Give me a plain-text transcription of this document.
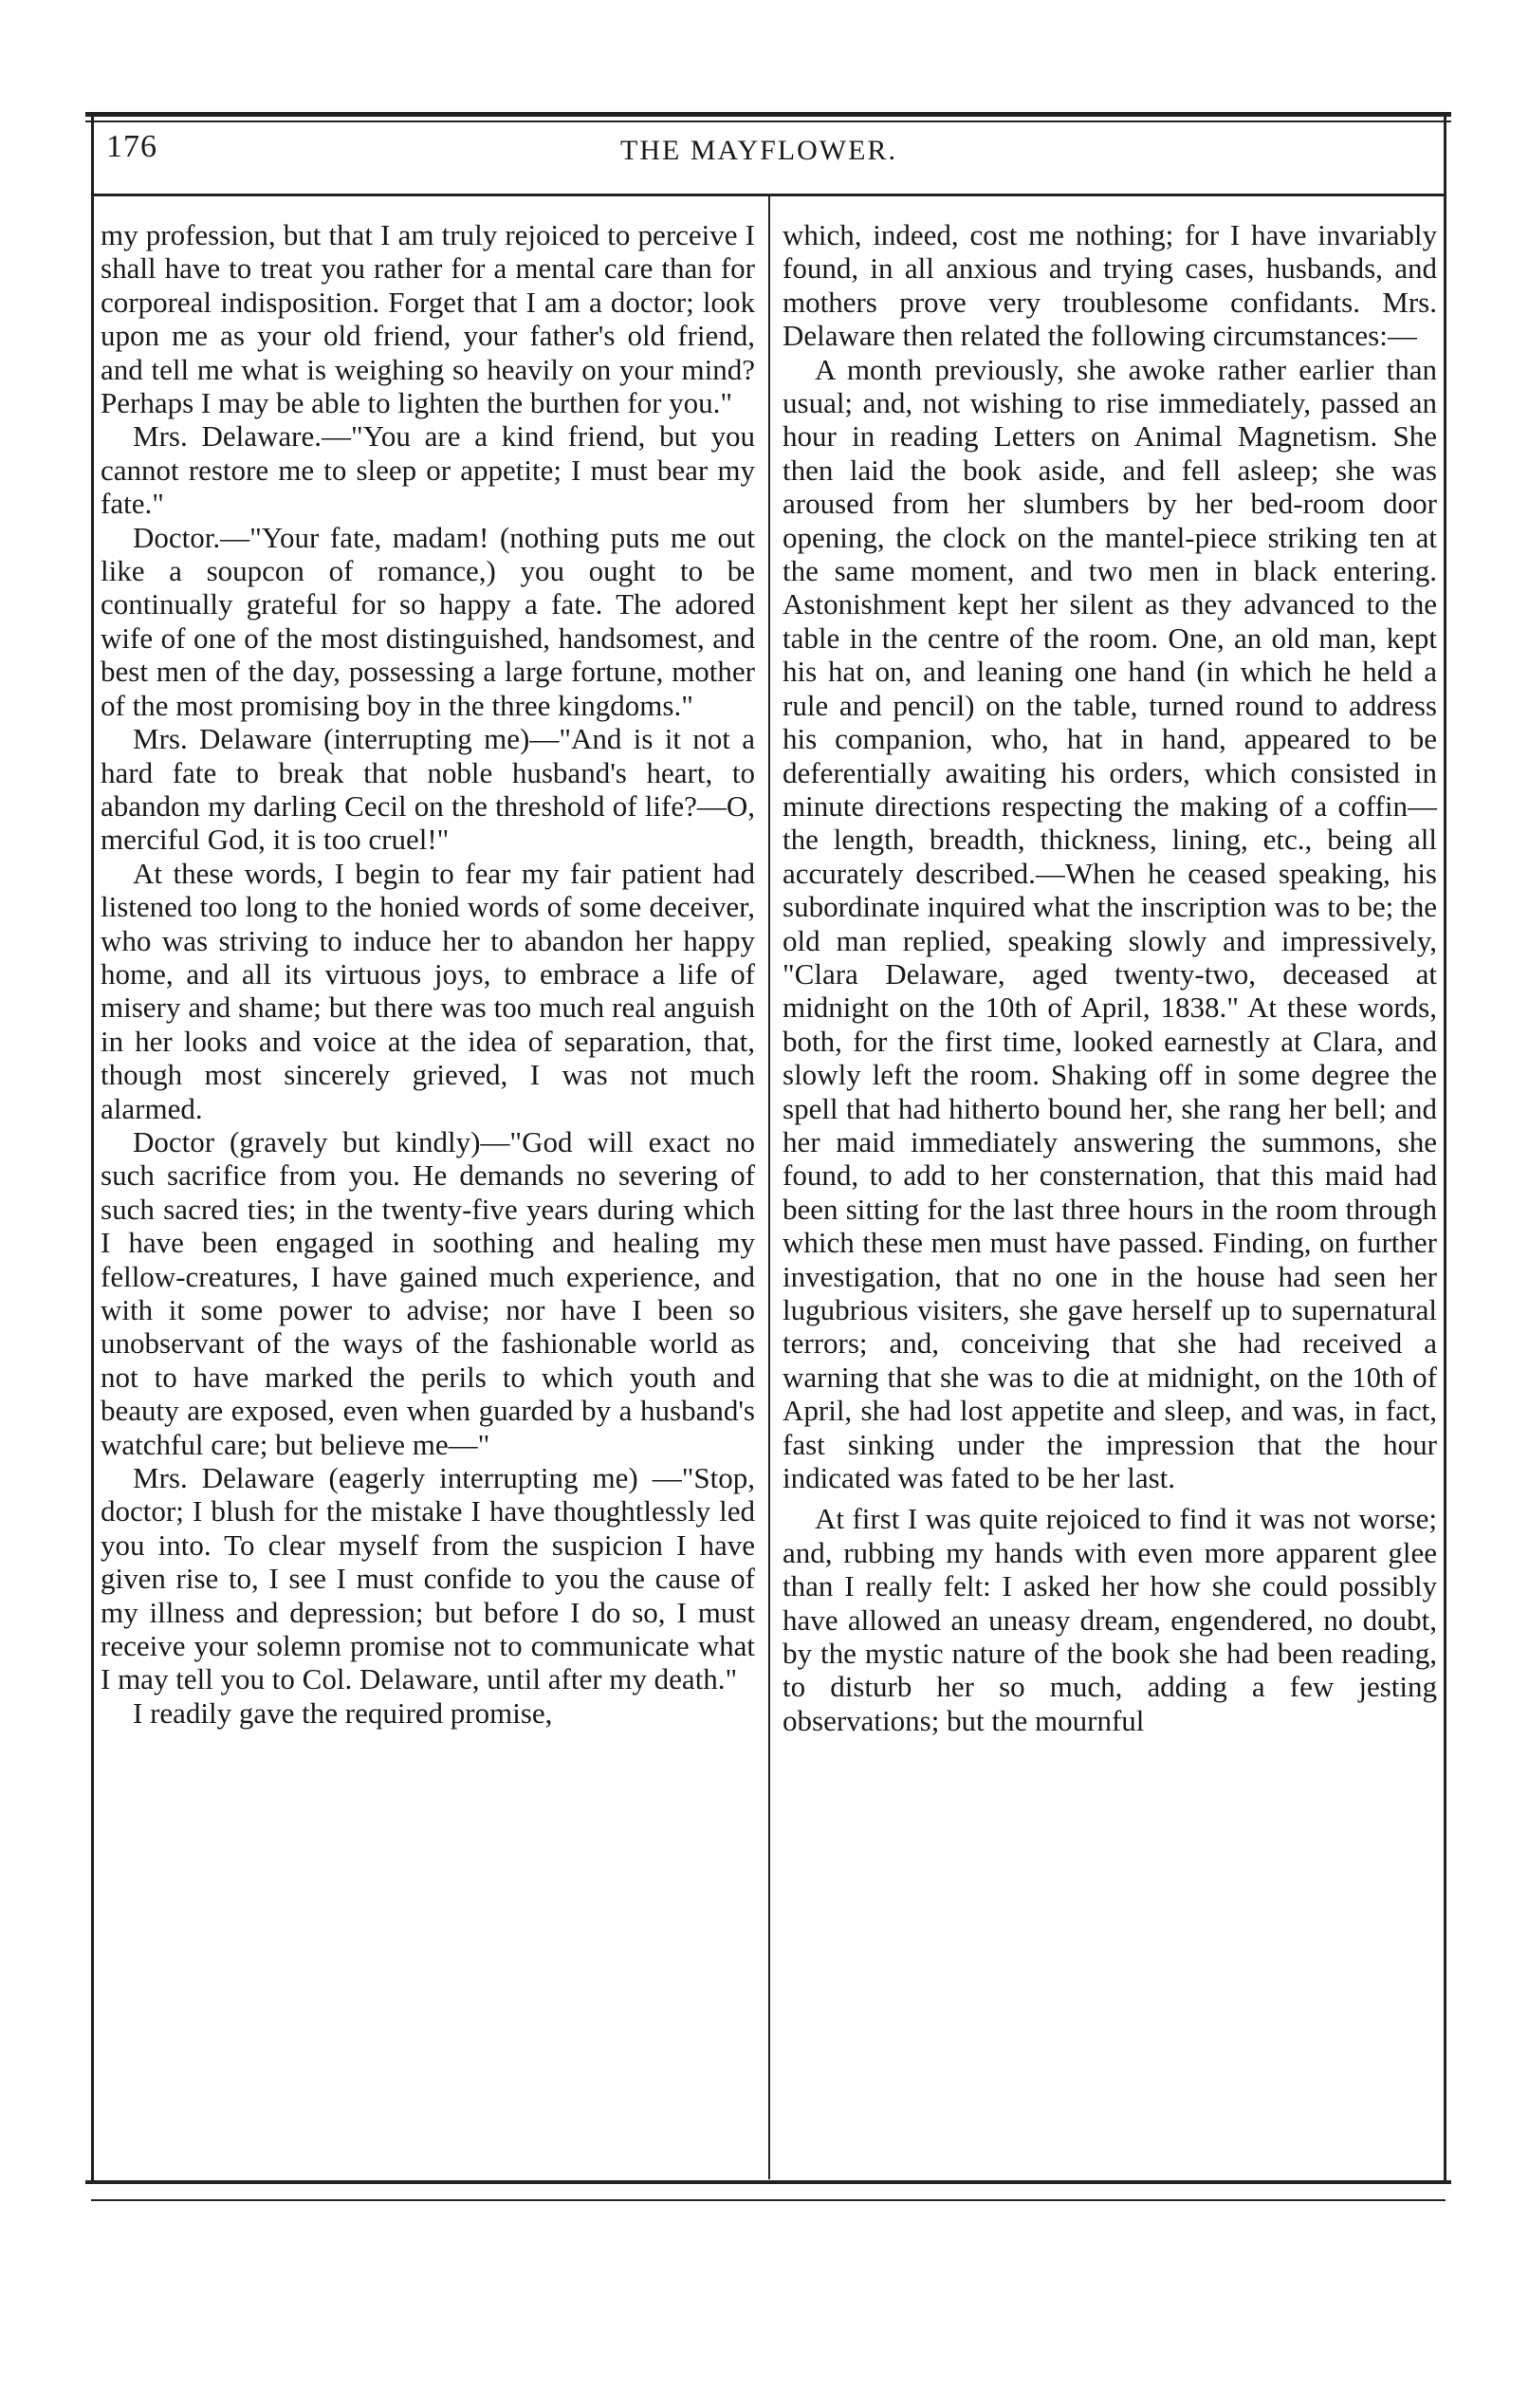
176	THE MAYFLOWER.

my profession, but that I am truly rejoiced to perceive I shall have to treat you rather for a mental care than for corporeal indisposition. Forget that I am a doctor; look upon me as your old friend, your father's old friend, and tell me what is weighing so heavily on your mind? Perhaps I may be able to lighten the burthen for you."

Mrs. Delaware.—"You are a kind friend, but you cannot restore me to sleep or appetite; I must bear my fate."

Doctor.—"Your fate, madam! (nothing puts me out like a soupcon of romance,) you ought to be continually grateful for so happy a fate. The adored wife of one of the most distinguished, handsomest, and best men of the day, possessing a large fortune, mother of the most promising boy in the three kingdoms."

Mrs. Delaware (interrupting me)—"And is it not a hard fate to break that noble husband's heart, to abandon my darling Cecil on the threshold of life?—O, merciful God, it is too cruel!"

At these words, I begin to fear my fair patient had listened too long to the honied words of some deceiver, who was striving to induce her to abandon her happy home, and all its virtuous joys, to embrace a life of misery and shame; but there was too much real anguish in her looks and voice at the idea of separation, that, though most sincerely grieved, I was not much alarmed.

Doctor (gravely but kindly)—"God will exact no such sacrifice from you. He demands no severing of such sacred ties; in the twenty-five years during which I have been engaged in soothing and healing my fellow-creatures, I have gained much experience, and with it some power to advise; nor have I been so unobservant of the ways of the fashionable world as not to have marked the perils to which youth and beauty are exposed, even when guarded by a husband's watchful care; but believe me—"

Mrs. Delaware (eagerly interrupting me) —"Stop, doctor; I blush for the mistake I have thoughtlessly led you into. To clear myself from the suspicion I have given rise to, I see I must confide to you the cause of my illness and depression; but before I do so, I must receive your solemn promise not to communicate what I may tell you to Col. Delaware, until after my death."

I readily gave the required promise,

which, indeed, cost me nothing; for I have invariably found, in all anxious and trying cases, husbands, and mothers prove very troublesome confidants. Mrs. Delaware then related the following circumstances:—

A month previously, she awoke rather earlier than usual; and, not wishing to rise immediately, passed an hour in reading Letters on Animal Magnetism. She then laid the book aside, and fell asleep; she was aroused from her slumbers by her bed-room door opening, the clock on the mantel-piece striking ten at the same moment, and two men in black entering. Astonishment kept her silent as they advanced to the table in the centre of the room. One, an old man, kept his hat on, and leaning one hand (in which he held a rule and pencil) on the table, turned round to address his companion, who, hat in hand, appeared to be deferentially awaiting his orders, which consisted in minute directions respecting the making of a coffin—the length, breadth, thickness, lining, etc., being all accurately described.—When he ceased speaking, his subordinate inquired what the inscription was to be; the old man replied, speaking slowly and impressively, "Clara Delaware, aged twenty-two, deceased at midnight on the 10th of April, 1838." At these words, both, for the first time, looked earnestly at Clara, and slowly left the room. Shaking off in some degree the spell that had hitherto bound her, she rang her bell; and her maid immediately answering the summons, she found, to add to her consternation, that this maid had been sitting for the last three hours in the room through which these men must have passed. Finding, on further investigation, that no one in the house had seen her lugubrious visiters, she gave herself up to supernatural terrors; and, conceiving that she had received a warning that she was to die at midnight, on the 10th of April, she had lost appetite and sleep, and was, in fact, fast sinking under the impression that the hour indicated was fated to be her last.

At first I was quite rejoiced to find it was not worse; and, rubbing my hands with even more apparent glee than I really felt: I asked her how she could possibly have allowed an uneasy dream, engendered, no doubt, by the mystic nature of the book she had been reading, to disturb her so much, adding a few jesting observations; but the mournful
